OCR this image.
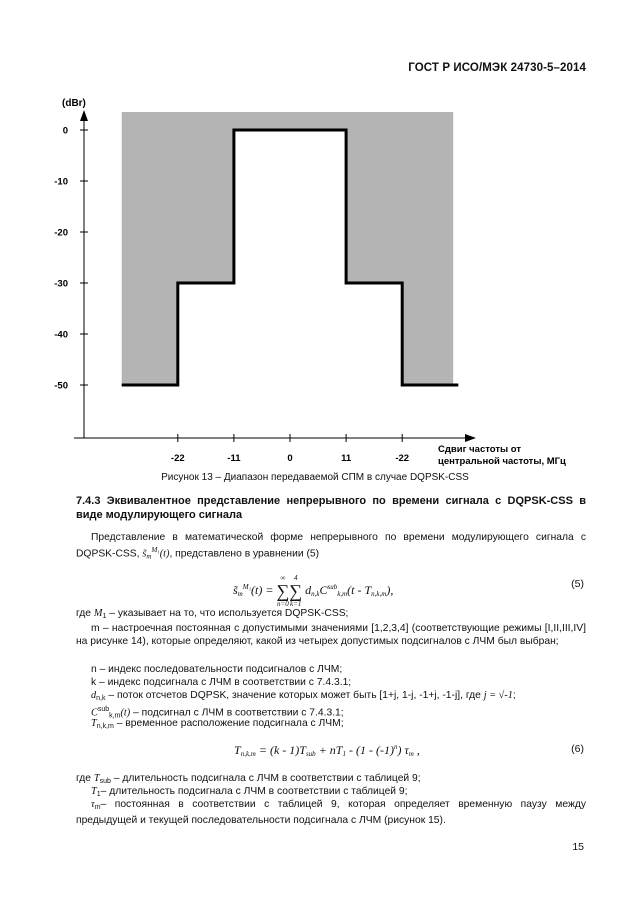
ГОСТ Р ИСО/МЭК 24730-5–2014
0
-10
-20
-30
-40
-50
-22	-11	0	11	-22
(dBr)
Сдвиг частоты от
центральной частоты, МГц
Рисунок 13 – Диапазон передаваемой СПМ в случае DQPSK-CSS
7.4.3 Эквивалентное представление непрерывного по времени сигнала с DQPSK-CSS в виде модулирующего сигнала
Представление в математической форме непрерывного по времени модулирующего сигнала с DQPSK-CSS, $s̃_m^{M_1}(t)$, представлено в уравнении (5)
$s̃_m^{M_1}(t)$ =
∞
∑
n=0
4
∑
k=1
$d_{n,k}C^{sub}_{k,m}(t - T_{n,k,m})$,	(5)
где $M_1$ – указывает на то, что используется DQPSK-CSS;
m – настроечная постоянная с допустимыми значениями [1,2,3,4] (соответствующие режимы [I,II,III,IV] на рисунке 14), которые определяют, какой из четырех допустимых подсигналов с ЛЧМ был выбран;
n – индекс последовательности подсигналов с ЛЧМ;
k – индекс подсигнала с ЛЧМ в соответствии с 7.4.3.1;
$d_{n,k}$ – поток отсчетов DQPSK, значение которых может быть [1+j, 1-j, -1+j, -1-j], где j = √-1;
$C^{sub}_{k,m}(t)$ – подсигнал с ЛЧМ в соответствии с 7.4.3.1;
$T_{n,k,m}$ – временное расположение подсигнала с ЛЧМ;
$T_{n,k,m} = (k - 1)T_{sub} + nT_1 - (1 - (-1)^n)$ $\tau_m$ ,	(6)
где $T_{sub}$ – длительность подсигнала с ЛЧМ в соответствии с таблицей 9;
$T_1-$ длительность подсигнала с ЛЧМ в соответствии с таблицей 9;
$\tau_m-$ постоянная в соответствии с таблицей 9, которая определяет временную паузу между предыдущей и текущей последовательности подсигнала с ЛЧМ (рисунок 15).
15
